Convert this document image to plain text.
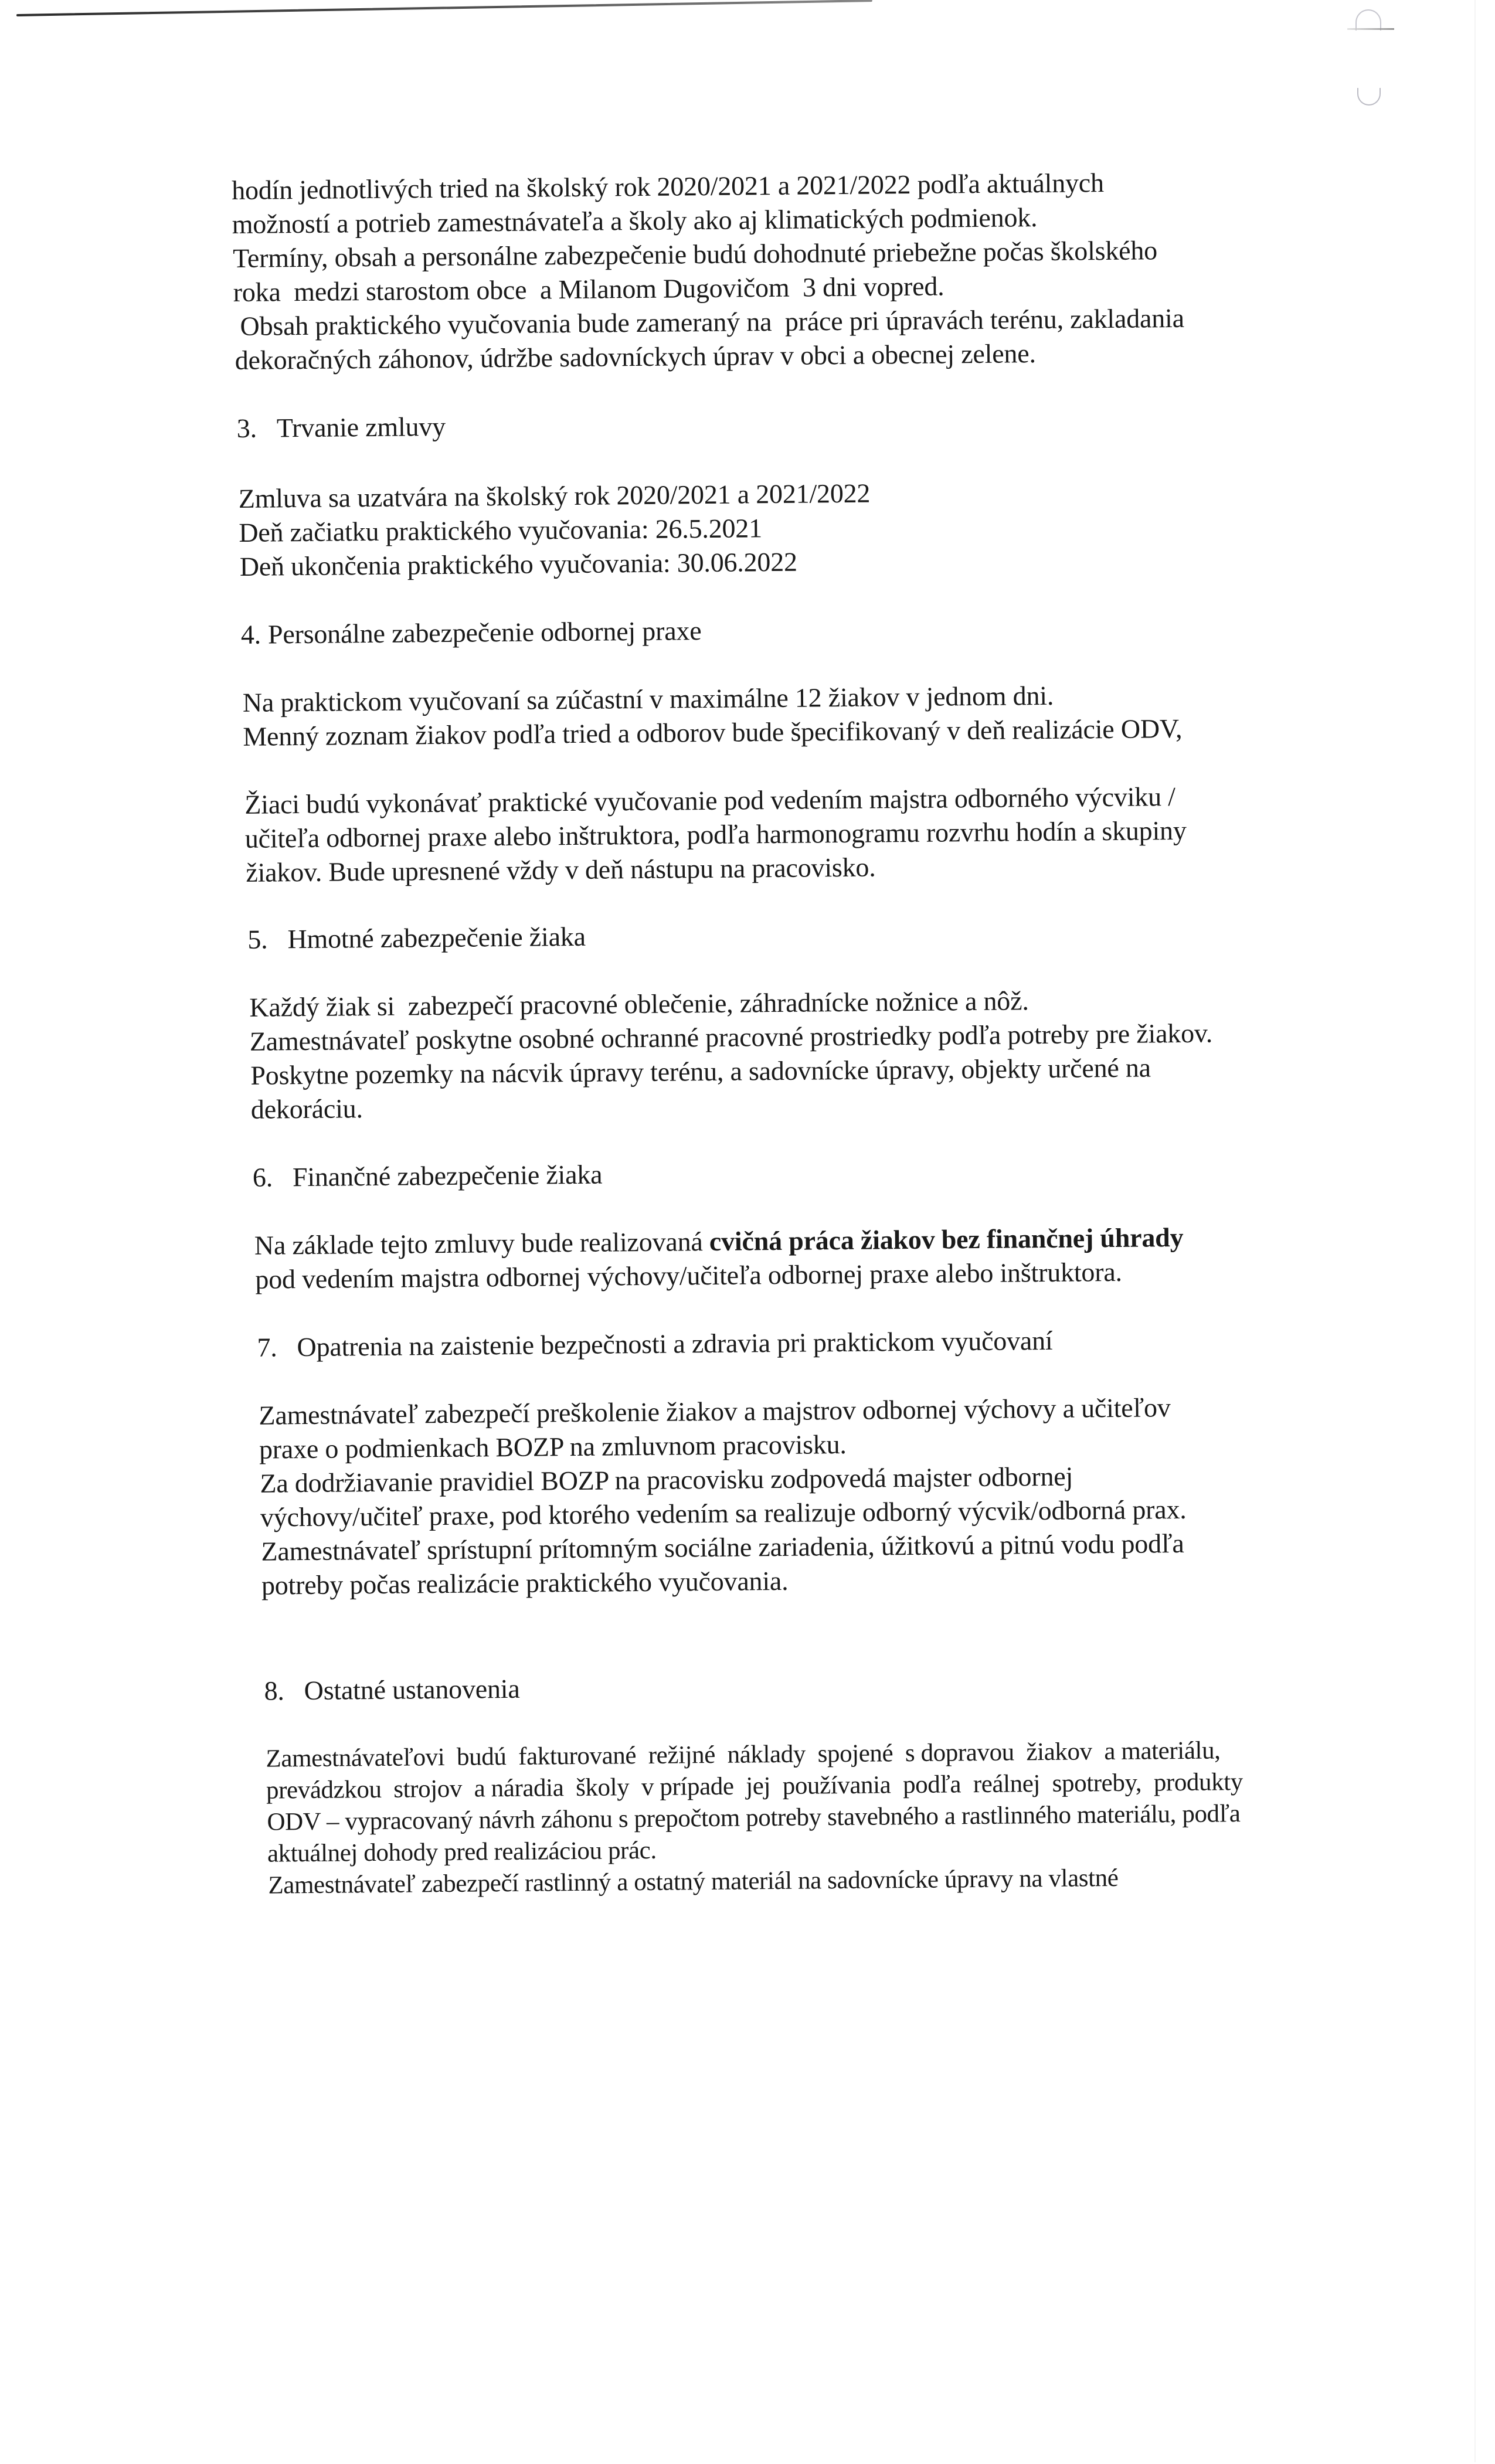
hodín jednotlivých tried na školský rok 2020/2021 a 2021/2022 podľa aktuálnych
možností a potrieb zamestnávateľa a školy ako aj klimatických podmienok.
Termíny, obsah a personálne zabezpečenie budú dohodnuté priebežne počas školského
roka  medzi starostom obce  a Milanom Dugovičom  3 dni vopred.
Obsah praktického vyučovania bude zameraný na  práce pri úpravách terénu, zakladania
dekoračných záhonov, údržbe sadovníckych úprav v obci a obecnej zelene.
3. Trvanie zmluvy
Zmluva sa uzatvára na školský rok 2020/2021 a 2021/2022
Deň začiatku praktického vyučovania: 26.5.2021
Deň ukončenia praktického vyučovania: 30.06.2022
4. Personálne zabezpečenie odbornej praxe
Na praktickom vyučovaní sa zúčastní v maximálne 12 žiakov v jednom dni.
Menný zoznam žiakov podľa tried a odborov bude špecifikovaný v deň realizácie ODV,
Žiaci budú vykonávať praktické vyučovanie pod vedením majstra odborného výcviku /
učiteľa odbornej praxe alebo inštruktora, podľa harmonogramu rozvrhu hodín a skupiny
žiakov. Bude upresnené vždy v deň nástupu na pracovisko.
5. Hmotné zabezpečenie žiaka
Každý žiak si  zabezpečí pracovné oblečenie, záhradnícke nožnice a nôž.
Zamestnávateľ poskytne osobné ochranné pracovné prostriedky podľa potreby pre žiakov.
Poskytne pozemky na nácvik úpravy terénu, a sadovnícke úpravy, objekty určené na
dekoráciu.
6. Finančné zabezpečenie žiaka
Na základe tejto zmluvy bude realizovaná cvičná práca žiakov bez finančnej úhrady
pod vedením majstra odbornej výchovy/učiteľa odbornej praxe alebo inštruktora.
7. Opatrenia na zaistenie bezpečnosti a zdravia pri praktickom vyučovaní
Zamestnávateľ zabezpečí preškolenie žiakov a majstrov odbornej výchovy a učiteľov
praxe o podmienkach BOZP na zmluvnom pracovisku.
Za dodržiavanie pravidiel BOZP na pracovisku zodpovedá majster odbornej
výchovy/učiteľ praxe, pod ktorého vedením sa realizuje odborný výcvik/odborná prax.
Zamestnávateľ sprístupní prítomným sociálne zariadenia, úžitkovú a pitnú vodu podľa
potreby počas realizácie praktického vyučovania.
8. Ostatné ustanovenia
Zamestnávateľovi  budú  fakturované  režijné  náklady  spojené  s dopravou  žiakov  a materiálu,
prevádzkou  strojov  a náradia  školy  v prípade  jej  používania  podľa  reálnej  spotreby,  produkty
ODV – vypracovaný návrh záhonu s prepočtom potreby stavebného a rastlinného materiálu, podľa
aktuálnej dohody pred realizáciou prác.
Zamestnávateľ zabezpečí rastlinný a ostatný materiál na sadovnícke úpravy na vlastné
